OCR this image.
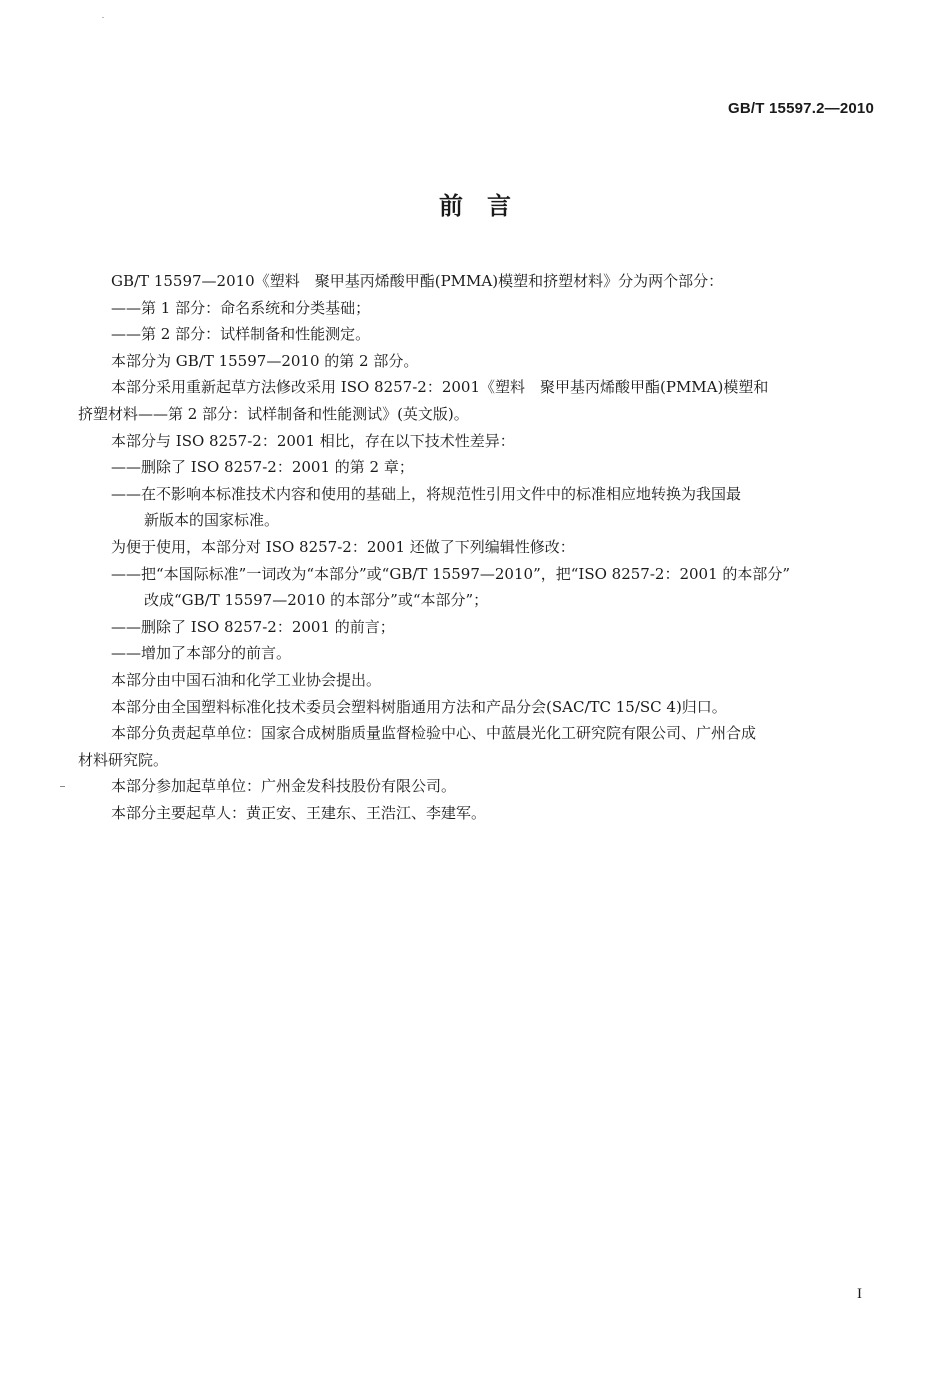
GB/T 15597.2—2010
前　言

GB/T 15597—2010《塑料　聚甲基丙烯酸甲酯(PMMA)模塑和挤塑材料》分为两个部分：

——第 1 部分：命名系统和分类基础；

——第 2 部分：试样制备和性能测定。

本部分为 GB/T 15597—2010 的第 2 部分。

本部分采用重新起草方法修改采用 ISO 8257-2：2001《塑料　聚甲基丙烯酸甲酯(PMMA)模塑和

挤塑材料——第 2 部分：试样制备和性能测试》(英文版)。

本部分与 ISO 8257-2：2001 相比，存在以下技术性差异：

——删除了 ISO 8257-2：2001 的第 2 章；

——在不影响本标准技术内容和使用的基础上，将规范性引用文件中的标准相应地转换为我国最

新版本的国家标准。

为便于使用，本部分对 ISO 8257-2：2001 还做了下列编辑性修改：

——把“本国际标准”一词改为“本部分”或“GB/T 15597—2010”，把“ISO 8257-2：2001 的本部分”

改成“GB/T 15597—2010 的本部分”或“本部分”；

——删除了 ISO 8257-2：2001 的前言；

——增加了本部分的前言。

本部分由中国石油和化学工业协会提出。

本部分由全国塑料标准化技术委员会塑料树脂通用方法和产品分会(SAC/TC 15/SC 4)归口。

本部分负责起草单位：国家合成树脂质量监督检验中心、中蓝晨光化工研究院有限公司、广州合成

材料研究院。

本部分参加起草单位：广州金发科技股份有限公司。

本部分主要起草人：黄正安、王建东、王浩江、李建军。

I
